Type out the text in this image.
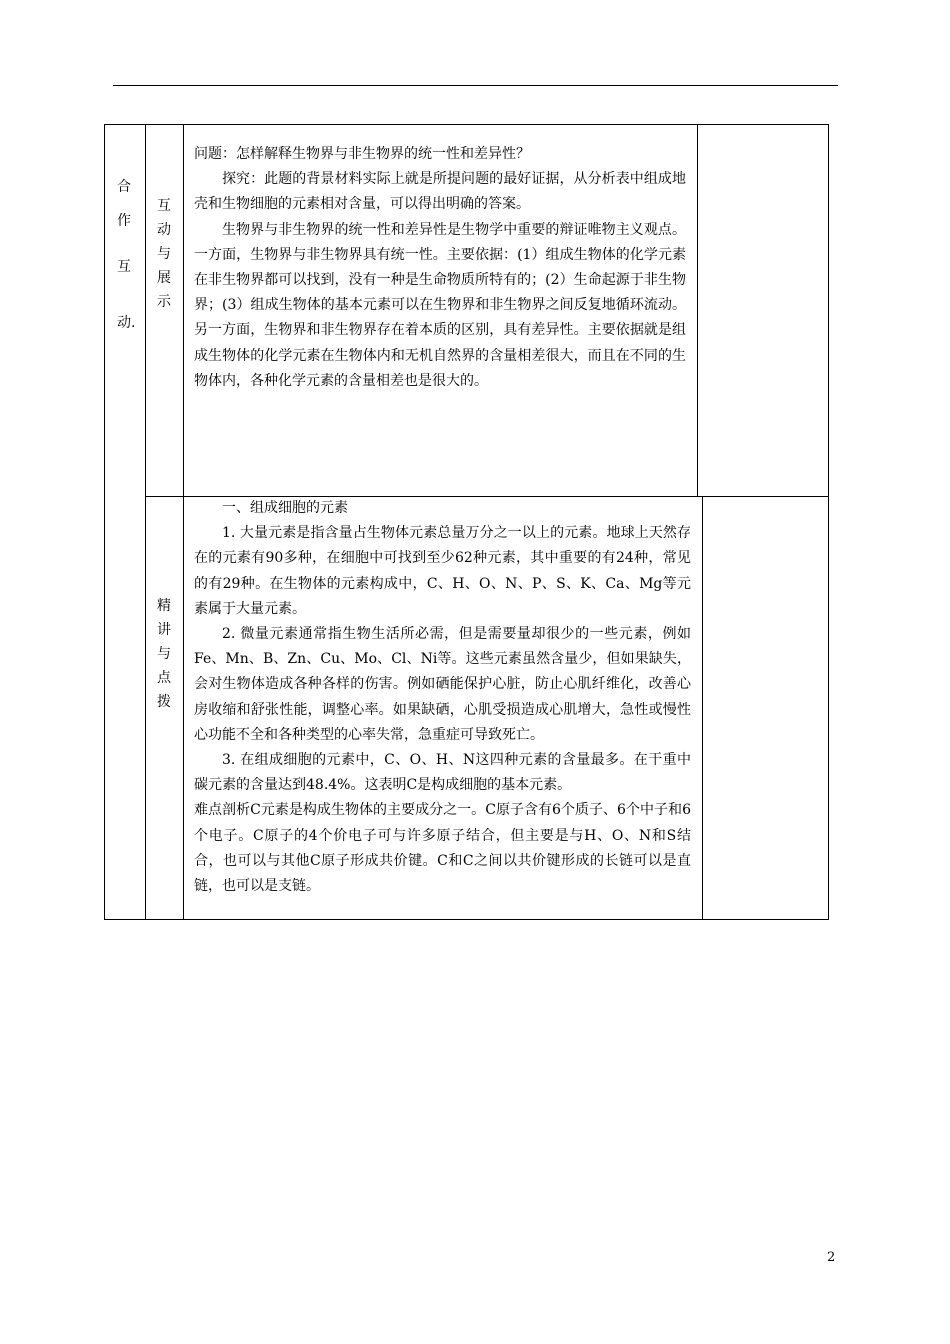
合
作
互
动.
互
动
与
展
示

问题：怎样解释生物界与非生物界的统一性和差异性？

探究：此题的背景材料实际上就是所提问题的最好证据，从分析表中组成地壳和生物细胞的元素相对含量，可以得出明确的答案。

生物界与非生物界的统一性和差异性是生物学中重要的辩证唯物主义观点。一方面，生物界与非生物界具有统一性。主要依据：(1）组成生物体的化学元素在非生物界都可以找到，没有一种是生命物质所特有的；(2）生命起源于非生物界；(3）组成生物体的基本元素可以在生物界和非生物界之间反复地循环流动。另一方面，生物界和非生物界存在着本质的区别，具有差异性。主要依据就是组成生物体的化学元素在生物体内和无机自然界的含量相差很大，而且在不同的生物体内，各种化学元素的含量相差也是很大的。

精
讲
与
点
拨

一、组成细胞的元素

1. 大量元素是指含量占生物体元素总量万分之一以上的元素。地球上天然存在的元素有90多种，在细胞中可找到至少62种元素，其中重要的有24种，常见的有29种。在生物体的元素构成中，C、H、O、N、P、S、K、Ca、Mg等元素属于大量元素。

2. 微量元素通常指生物生活所必需，但是需要量却很少的一些元素，例如Fe、Mn、B、Zn、Cu、Mo、Cl、Ni等。这些元素虽然含量少，但如果缺失，会对生物体造成各种各样的伤害。例如硒能保护心脏，防止心肌纤维化，改善心房收缩和舒张性能，调整心率。如果缺硒，心肌受损造成心肌增大，急性或慢性心功能不全和各种类型的心率失常，急重症可导致死亡。

3. 在组成细胞的元素中，C、O、H、N这四种元素的含量最多。在干重中碳元素的含量达到48.4%。这表明C是构成细胞的基本元素。

难点剖析C元素是构成生物体的主要成分之一。C原子含有6个质子、6个中子和6个电子。C原子的4个价电子可与许多原子结合，但主要是与H、O、N和S结合，也可以与其他C原子形成共价键。C和C之间以共价键形成的长链可以是直链，也可以是支链。

2
